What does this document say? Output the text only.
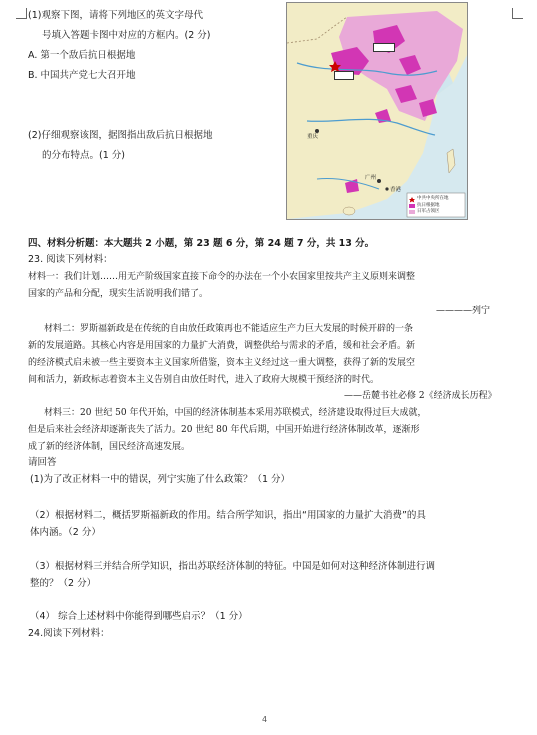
(1)观察下图，请将下列地区的英文字母代
号填入答题卡图中对应的方框内。(2 分)
A. 第一个敌后抗日根据地
B. 中国共产党七大召开地
(2)仔细观察该图，据图指出敌后抗日根据地
的分布特点。(1 分)
重庆
广州
香港
中共中央所在地
抗日根据地
日军占领区
四、材料分析题：本大题共 2 小题，第 23 题 6 分，第 24 题 7 分，共 13 分。
23. 阅读下列材料：
材料一：我们计划……用无产阶级国家直接下命令的办法在一个小农国家里按共产主义原则来调整
国家的产品和分配，现实生活说明我们错了。
————列宁
材料二：罗斯福新政是在传统的自由放任政策再也不能适应生产力巨大发展的时候开辟的一条
新的发展道路。其核心内容是用国家的力量扩大消费，调整供给与需求的矛盾，缓和社会矛盾。新
的经济模式启未被一些主要资本主义国家所借鉴，资本主义经过这一重大调整，获得了新的发展空
间和活力，新政标志着资本主义告别自由放任时代，进入了政府大规模干预经济的时代。
——岳麓书社必修 2《经济成长历程》
材料三：20 世纪 50 年代开始，中国的经济体制基本采用苏联模式，经济建设取得过巨大成就，
但是后来社会经济却逐渐丧失了活力。20 世纪 80 年代后期，中国开始进行经济体制改革，逐渐形
成了新的经济体制，国民经济高速发展。
请回答
(1)为了改正材料一中的错误，列宁实施了什么政策？（1 分）
（2）根据材料二，概括罗斯福新政的作用。结合所学知识，指出“用国家的力量扩大消费”的具
体内涵。（2 分）
（3）根据材料三并结合所学知识，指出苏联经济体制的特征。中国是如何对这种经济体制进行调
整的？（2 分）
（4） 综合上述材料中你能得到哪些启示？（1 分）
24.阅读下列材料：
4
